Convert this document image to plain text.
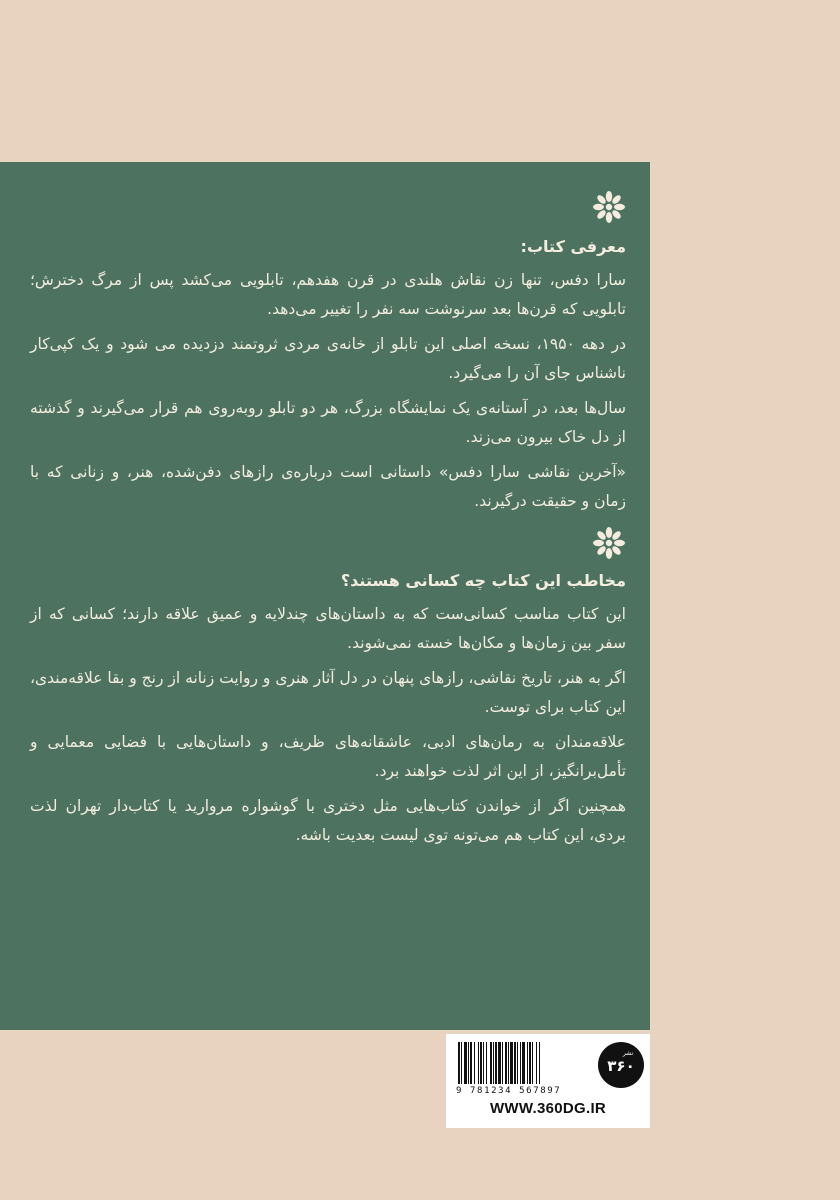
معرفی کتاب:

سارا دفس، تنها زن نقاش هلندی در قرن هفدهم، تابلویی می‌کشد پس از مرگ دخترش؛ تابلویی که قرن‌ها بعد سرنوشت سه نفر را تغییر می‌دهد.

در دهه ۱۹۵۰، نسخه اصلی این تابلو از خانه‌ی مردی ثروتمند دزدیده می شود و یک کپی‌کار ناشناس جای آن را می‌گیرد.

سال‌ها بعد، در آستانه‌ی یک نمایشگاه بزرگ، هر دو تابلو روبه‌روی هم قرار می‌گیرند و گذشته از دل خاک بیرون می‌زند.

«آخرین نقاشی سارا دفس» داستانی است درباره‌ی رازهای دفن‌شده، هنر، و زنانی که با زمان و حقیقت درگیرند.

مخاطب این کتاب چه کسانی هستند؟

این کتاب مناسب کسانی‌ست که به داستان‌های چندلایه و عمیق علاقه دارند؛ کسانی که از سفر بین زمان‌ها و مکان‌ها خسته نمی‌شوند.

اگر به هنر، تاریخ نقاشی، رازهای پنهان در دل آثار هنری و روایت زنانه از رنج و بقا علاقه‌مندی، این کتاب برای توست.

علاقه‌مندان به رمان‌های ادبی، عاشقانه‌های ظریف، و داستان‌هایی با فضایی معمایی و تأمل‌برانگیز، از این اثر لذت خواهند برد.

همچنین اگر از خواندن کتاب‌هایی مثل دختری با گوشواره مروارید یا کتاب‌دار تهران لذت بردی، این کتاب هم می‌تونه توی لیست بعدیت باشه.

9 781234 567897
۳۶۰
نشر
WWW.360DG.IR
